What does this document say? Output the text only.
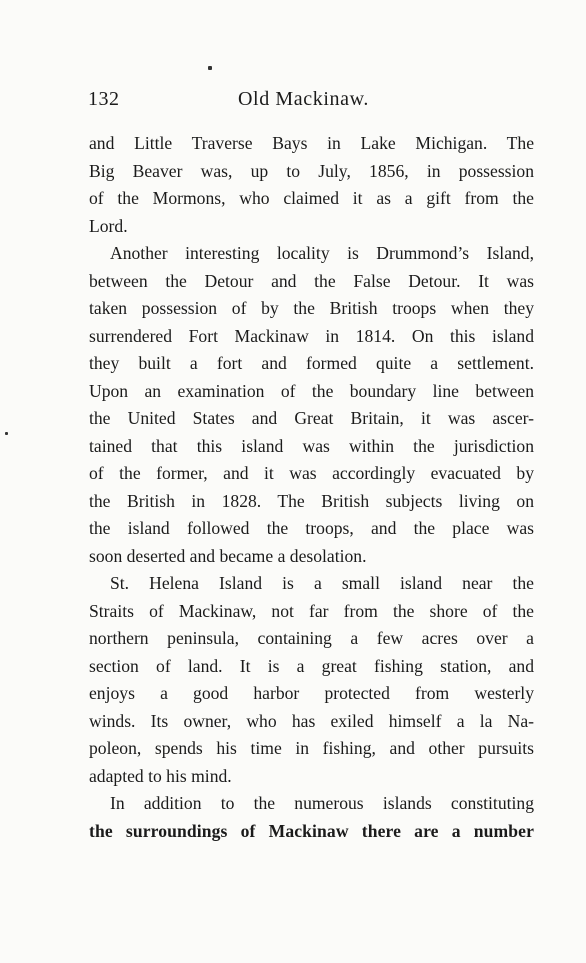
132	Old Mackinaw.

and Little Traverse Bays in Lake Michigan. The
Big Beaver was, up to July, 1856, in possession
of the Mormons, who claimed it as a gift from the
Lord.

Another interesting locality is Drummond’s Island,
between the Detour and the False Detour. It was
taken possession of by the British troops when they
surrendered Fort Mackinaw in 1814. On this island
they built a fort and formed quite a settlement.
Upon an examination of the boundary line between
the United States and Great Britain, it was ascer-
tained that this island was within the jurisdiction
of the former, and it was accordingly evacuated by
the British in 1828. The British subjects living on
the island followed the troops, and the place was
soon deserted and became a desolation.

St. Helena Island is a small island near the
Straits of Mackinaw, not far from the shore of the
northern peninsula, containing a few acres over a
section of land. It is a great fishing station, and
enjoys a good harbor protected from westerly
winds. Its owner, who has exiled himself a la Na-
poleon, spends his time in fishing, and other pursuits
adapted to his mind.

In addition to the numerous islands constituting
the surroundings of Mackinaw there are a number
